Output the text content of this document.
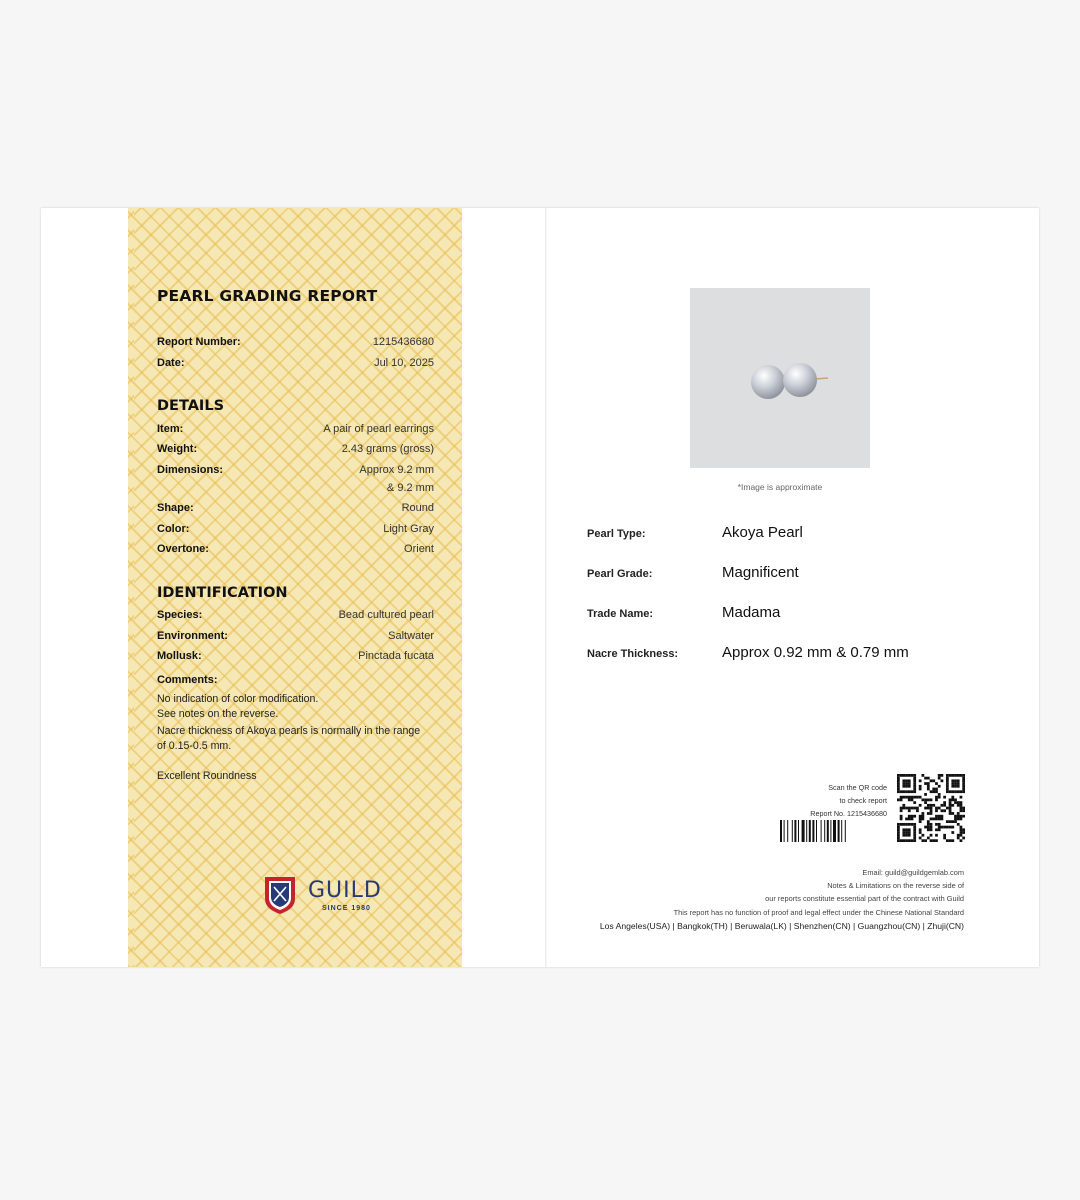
PEARL GRADING REPORT
Report Number:	1215436680
Date:	Jul 10, 2025
DETAILS
Item:	A pair of pearl earrings
Weight:	2.43 grams (gross)
Dimensions:	Approx 9.2 mm
& 9.2 mm
Shape:	Round
Color:	Light Gray
Overtone:	Orient
IDENTIFICATION
Species:	Bead cultured pearl
Environment:	Saltwater
Mollusk:	Pinctada fucata
Comments:
No indication of color modification.
See notes on the reverse.
Nacre thickness of Akoya pearls is normally in the range
of 0.15-0.5 mm.
Excellent Roundness
GUILD
SINCE 1980
*Image is approximate
Pearl Type:	Akoya Pearl
Pearl Grade:	Magnificent
Trade Name:	Madama
Nacre Thickness:	Approx 0.92 mm & 0.79 mm
Scan the QR code
to check report
Report No. 1215436680
Email: guild@guildgemlab.com
Notes & Limitations on the reverse side of
our reports constitute essential part of the contract with Guild
This report has no function of proof and legal effect under the Chinese National Standard
Los Angeles(USA) | Bangkok(TH) | Beruwala(LK) | Shenzhen(CN) | Guangzhou(CN) | Zhuji(CN)
